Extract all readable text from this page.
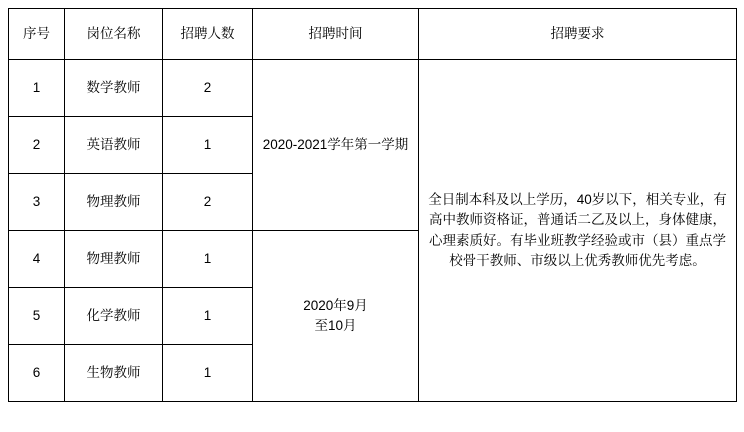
序号	岗位名称	招聘人数	招聘时间	招聘要求
1	数学教师	2	2020-2021学年第一学期	全日制本科及以上学历，40岁以下，相关专业，有高中教师资格证，普通话二乙及以上，身体健康，心理素质好。有毕业班教学经验或市（县）重点学校骨干教师、市级以上优秀教师优先考虑。

2	英语教师	1		
3	物理教师	2		
4	物理教师	1	2020年9月
至10月	

5	化学教师	1		
6	生物教师	1		
